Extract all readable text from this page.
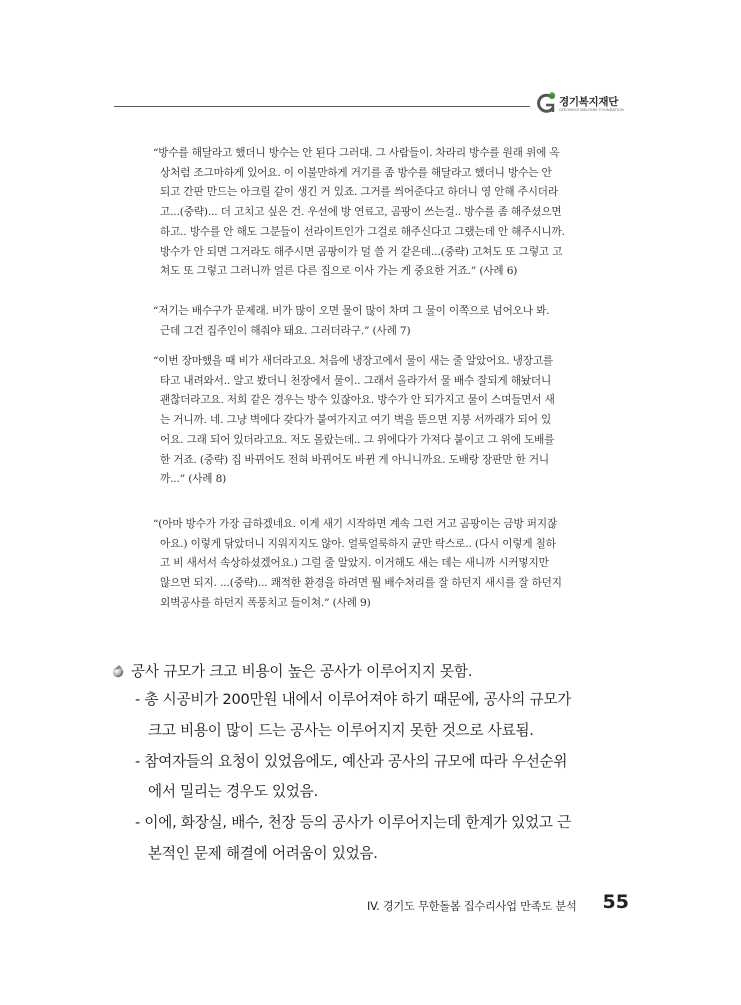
경기복지재단
GYEONGGI WELFARE FOUNDATION
“방수를 해달라고 했더니 방수는 안 된다 그러대. 그 사람들이. 차라리 방수를 원래 위에 옥
상처럼 조그마하게 있어요. 이 이불만하게 거기를 좀 방수를 해달라고 했더니 방수는 안
되고 간판 만드는 아크릴 같이 생긴 거 있죠. 그거를 씌어준다고 하더니 영 안해 주시더라
고...(중략)... 더 고치고 싶은 건. 우선에 방 연료고, 곰팡이 쓰는걸.. 방수를 좀 해주셨으면
하고.. 방수를 안 해도 그분들이 선라이트인가 그걸로 해주신다고 그랬는데 안 해주시니까.
방수가 안 되면 그거라도 해주시면 곰팡이가 덜 쓸 거 같은데...(중략) 고쳐도 또 그렇고 고
쳐도 또 그렇고 그러니까 얼른 다른 집으로 이사 가는 게 중요한 거죠.” (사례 6)
“저기는 배수구가 문제래. 비가 많이 오면 물이 많이 차며 그 물이 이쪽으로 넘어오나 봐.
근데 그건 집주인이 해줘야 돼요. 그러더라구.” (사례 7)
“이번 장마했을 때 비가 새더라고요. 처음에 냉장고에서 물이 새는 줄 알았어요. 냉장고를
타고 내려와서.. 알고 봤더니 천장에서 물이.. 그래서 올라가서 물 배수 잘되게 해놨더니
괜찮더라고요. 저희 같은 경우는 방수 있잖아요. 방수가 안 되가지고 물이 스며들면서 새
는 거니까. 네. 그냥 벽에다 갖다가 붙여가지고 여기 벽을 뜯으면 지붕 서까래가 되어 있
어요. 그래 되어 있더라고요. 저도 몰랐는데.. 그 위에다가 가져다 붙이고 그 위에 도배를
한 거죠. (중략) 집 바뀌어도 전혀 바뀌어도 바뀐 게 아니니까요. 도배랑 장판만 한 거니
까...” (사례 8)
“(아마 방수가 가장 급하겠네요. 이게 새기 시작하면 계속 그런 거고 곰팡이는 금방 퍼지잖
아요.) 이렇게 닦았더니 지워지지도 않아. 얼룩얼룩하지 균만 락스로.. (다시 이렇게 칠하
고 비 새서서 속상하셨겠어요.) 그럴 줄 알았지. 이거해도 새는 데는 새니까 시커멓지만
않으면 되지. ...(중략)... 쾌적한 환경을 하려면 뭘 배수처리를 잘 하던지 새시를 잘 하던지
외벽공사를 하던지 폭풍치고 들이쳐.” (사례 9)
공사 규모가 크고 비용이 높은 공사가 이루어지지 못함.
- 총 시공비가 200만원 내에서 이루어져야 하기 때문에, 공사의 규모가
크고 비용이 많이 드는 공사는 이루어지지 못한 것으로 사료됨.
- 참여자들의 요청이 있었음에도, 예산과 공사의 규모에 따라 우선순위
에서 밀리는 경우도 있었음.
- 이에, 화장실, 배수, 천장 등의 공사가 이루어지는데 한계가 있었고 근
본적인 문제 해결에 어려움이 있었음.
IV. 경기도 무한돌봄 집수리사업 만족도 분석 55
